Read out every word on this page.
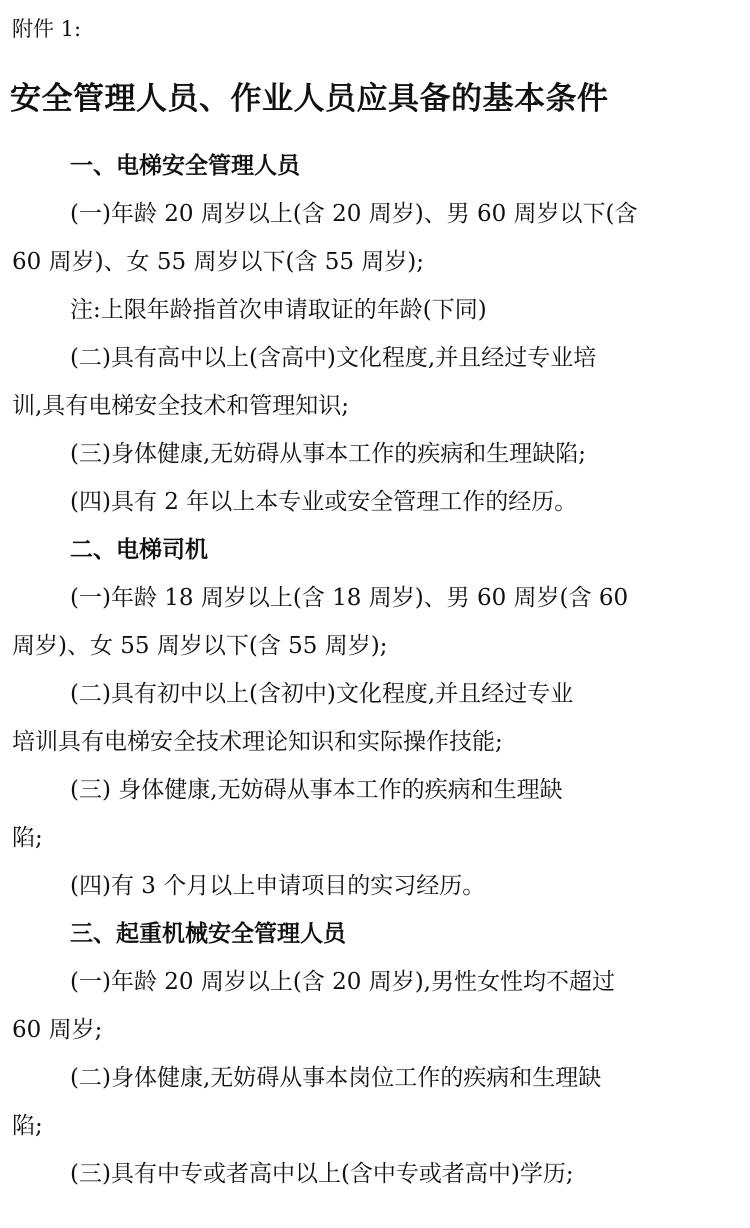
附件 1:
安全管理人员、作业人员应具备的基本条件
一、电梯安全管理人员
(一)年龄 20 周岁以上(含 20 周岁)、男 60 周岁以下(含
60 周岁)、女 55 周岁以下(含 55 周岁);
注:上限年龄指首次申请取证的年龄(下同)
(二)具有高中以上(含高中)文化程度,并且经过专业培
训,具有电梯安全技术和管理知识;
(三)身体健康,无妨碍从事本工作的疾病和生理缺陷;
(四)具有 2 年以上本专业或安全管理工作的经历。
二、电梯司机
(一)年龄 18 周岁以上(含 18 周岁)、男 60 周岁(含 60
周岁)、女 55 周岁以下(含 55 周岁);
(二)具有初中以上(含初中)文化程度,并且经过专业
培训具有电梯安全技术理论知识和实际操作技能;
(三) 身体健康,无妨碍从事本工作的疾病和生理缺
陷;
(四)有 3 个月以上申请项目的实习经历。
三、起重机械安全管理人员
(一)年龄 20 周岁以上(含 20 周岁),男性女性均不超过
60 周岁;
(二)身体健康,无妨碍从事本岗位工作的疾病和生理缺
陷;
(三)具有中专或者高中以上(含中专或者高中)学历;
